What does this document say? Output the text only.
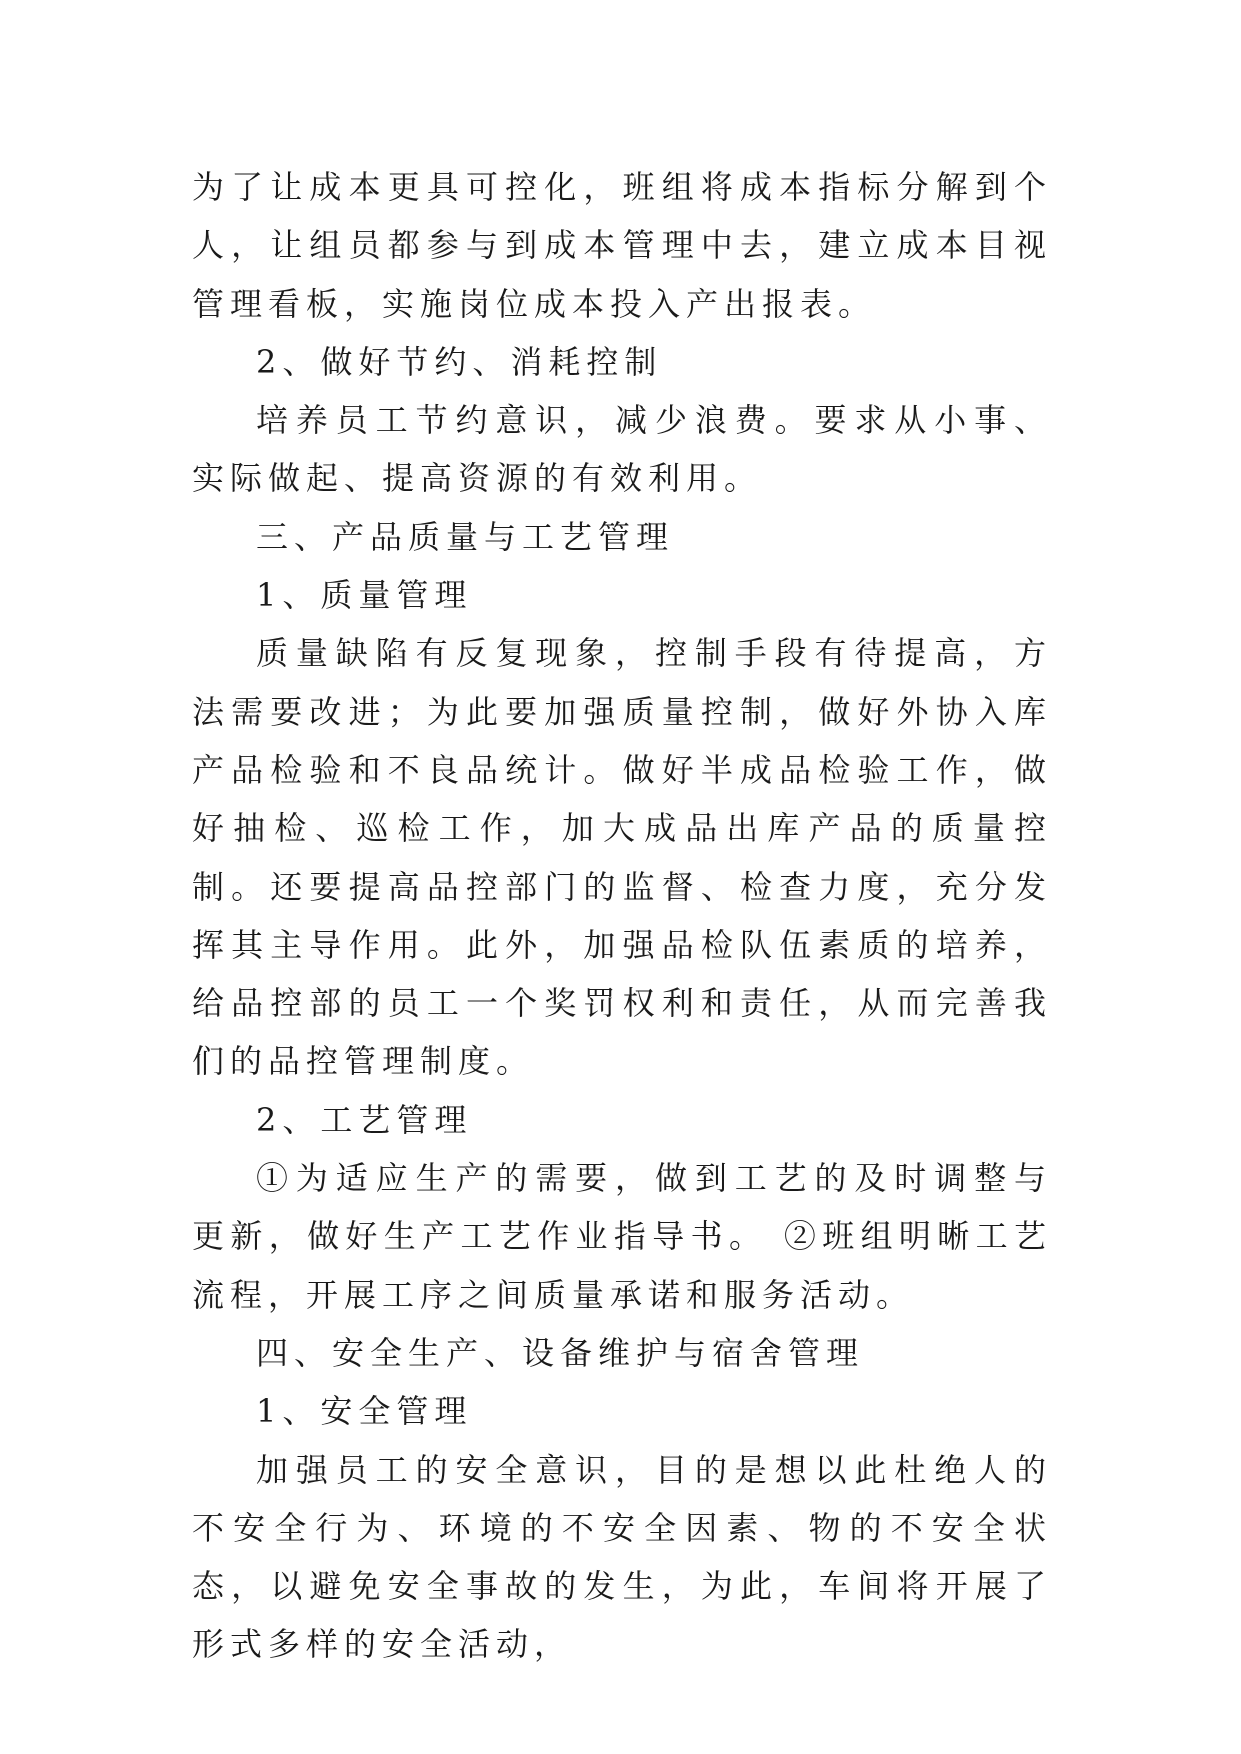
为了让成本更具可控化，班组将成本指标分解到个人，让组员都参与到成本管理中去，建立成本目视管理看板，实施岗位成本投入产出报表。

2、做好节约、消耗控制

培养员工节约意识，减少浪费。要求从小事、实际做起、提高资源的有效利用。

三、产品质量与工艺管理

1、质量管理

质量缺陷有反复现象，控制手段有待提高，方法需要改进；为此要加强质量控制，做好外协入库产品检验和不良品统计。做好半成品检验工作，做好抽检、巡检工作，加大成品出库产品的质量控制。还要提高品控部门的监督、检查力度，充分发挥其主导作用。此外，加强品检队伍素质的培养，给品控部的员工一个奖罚权利和责任，从而完善我们的品控管理制度。

2、工艺管理

①为适应生产的需要，做到工艺的及时调整与更新，做好生产工艺作业指导书。 ②班组明晰工艺流程，开展工序之间质量承诺和服务活动。

四、安全生产、设备维护与宿舍管理

1、安全管理

加强员工的安全意识，目的是想以此杜绝人的不安全行为、环境的不安全因素、物的不安全状态，以避免安全事故的发生，为此，车间将开展了形式多样的安全活动，
